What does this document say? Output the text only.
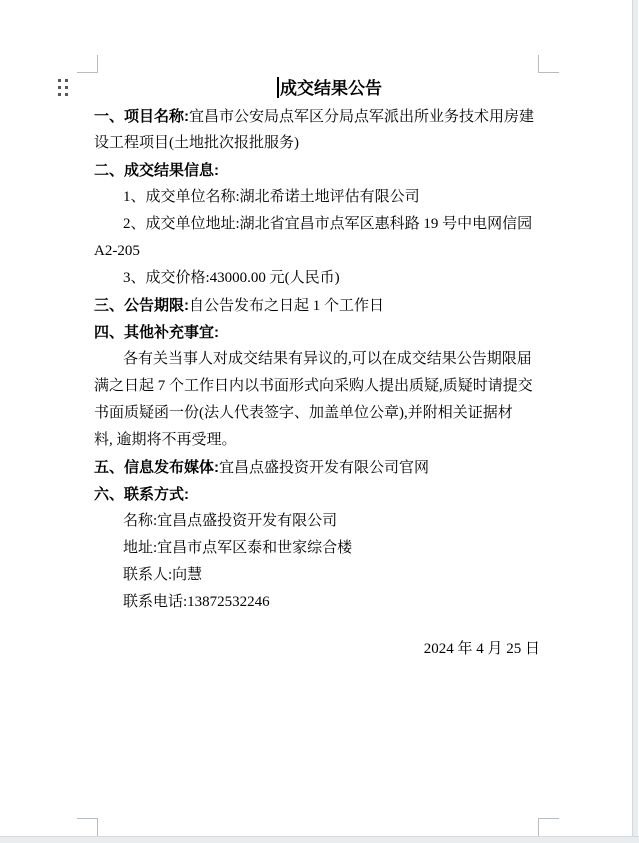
成交结果公告
一、项目名称:宜昌市公安局点军区分局点军派出所业务技术用房建
设工程项目(土地批次报批服务)
二、成交结果信息:
1、成交单位名称:湖北希诺土地评估有限公司
2、成交单位地址:湖北省宜昌市点军区惠科路 19 号中电网信园
A2-205
3、成交价格:43000.00 元(人民币)
三、公告期限:自公告发布之日起 1 个工作日
四、其他补充事宜:
各有关当事人对成交结果有异议的,可以在成交结果公告期限届
满之日起 7 个工作日内以书面形式向采购人提出质疑,质疑时请提交
书面质疑函一份(法人代表签字、加盖单位公章),并附相关证据材
料, 逾期将不再受理。
五、信息发布媒体:宜昌点盛投资开发有限公司官网
六、联系方式:
名称:宜昌点盛投资开发有限公司
地址:宜昌市点军区泰和世家综合楼
联系人:向慧
联系电话:13872532246
2024 年 4 月 25 日
